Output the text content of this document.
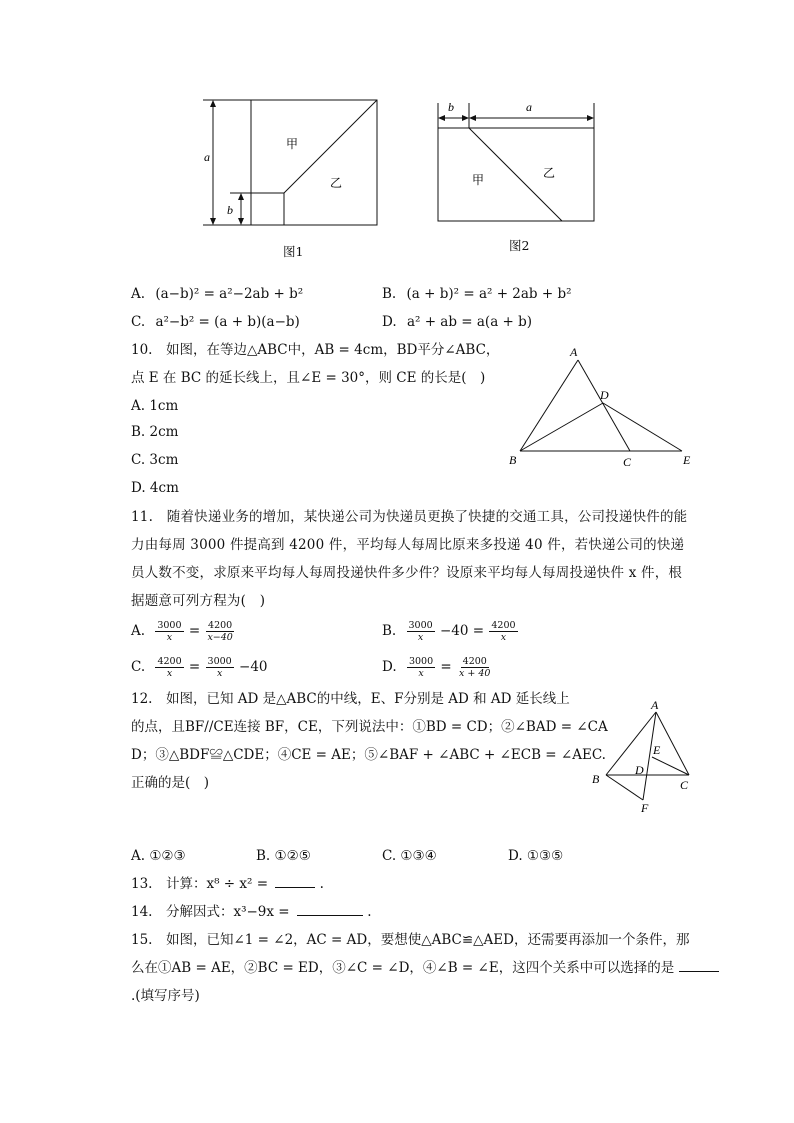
a
b
甲
乙
图1
b	a
甲	乙
图2
A. (a−b)² = a²−2ab + b²	B. (a + b)² = a² + 2ab + b²
C. a²−b² = (a + b)(a−b)	D. a² + ab = a(a + b)
10.　如图，在等边△ABC中，AB = 4cm，BD平分∠ABC，
点 E 在 BC 的延长线上，且∠E = 30°，则 CE 的长是(　)
A. 1cm
B. 2cm
C. 3cm
D. 4cm
A
B	C
D
E
11.　随着快递业务的增加，某快递公司为快递员更换了快捷的交通工具，公司投递快件的能力由每周 3000 件提高到 4200 件，平均每人每周比原来多投递 40 件，若快递公司的快递员人数不变，求原来平均每人每周投递快件多少件？设原来平均每人每周投递快件 x 件，根据题意可列方程为(　)
A. $\frac{3000}{x} = \frac{4200}{x-40}$	B. $\frac{3000}{x} -40 = \frac{4200}{x}$
C. $\frac{4200}{x} = \frac{3000}{x} -40$	D. $\frac{3000}{x} = \frac{4200}{x + 40}$
12.　如图，已知 AD 是△ABC的中线，E、F分别是 AD 和 AD 延长线上
的点，且BF//CE连接 BF，CE，下列说法中：①BD = CD；②∠BAD = ∠CA
D；③△BDF≌△CDE；④CE = AE；⑤∠BAF + ∠ABC + ∠ECB = ∠AEC.
正确的是(　)
A
B	C
D
E
F
A. ①②③	B. ①②⑤	C. ①③④	D. ①③⑤
13.　计算：x⁸ ÷ x² =	.
14.　分解因式：x³−9x =	.
15.　如图，已知∠1 = ∠2，AC = AD，要想使△ABC≌△AED，还需要再添加一个条件，那
么在①AB = AE，②BC = ED，③∠C = ∠D，④∠B = ∠E，这四个关系中可以选择的是
.(填写序号)
